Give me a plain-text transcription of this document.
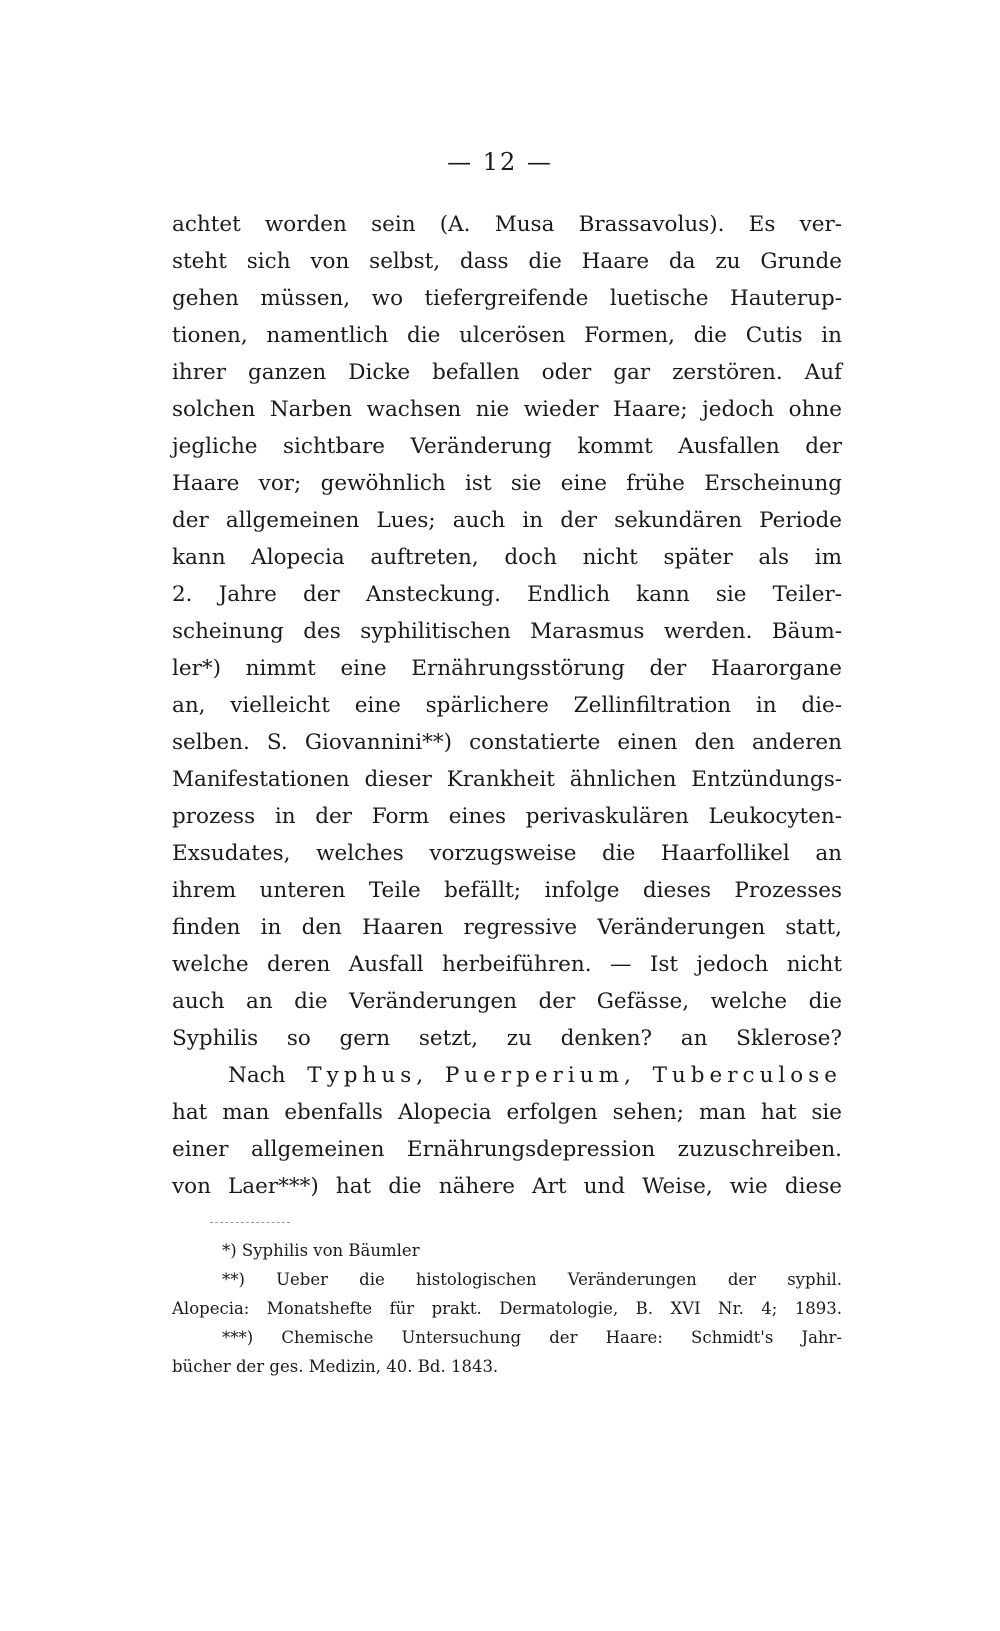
— 12 —
achtet worden sein (A. Musa Brassavolus). Es ver-
steht sich von selbst, dass die Haare da zu Grunde
gehen müssen, wo tiefergreifende luetische Hauterup-
tionen, namentlich die ulcerösen Formen, die Cutis in
ihrer ganzen Dicke befallen oder gar zerstören. Auf
solchen Narben wachsen nie wieder Haare; jedoch ohne
jegliche sichtbare Veränderung kommt Ausfallen der
Haare vor; gewöhnlich ist sie eine frühe Erscheinung
der allgemeinen Lues; auch in der sekundären Periode
kann Alopecia auftreten, doch nicht später als im
2. Jahre der Ansteckung. Endlich kann sie Teiler-
scheinung des syphilitischen Marasmus werden. Bäum-
ler*) nimmt eine Ernährungsstörung der Haarorgane
an, vielleicht eine spärlichere Zellinfiltration in die-
selben. S. Giovannini**) constatierte einen den anderen
Manifestationen dieser Krankheit ähnlichen Entzündungs-
prozess in der Form eines perivaskulären Leukocyten-
Exsudates, welches vorzugsweise die Haarfollikel an
ihrem unteren Teile befällt; infolge dieses Prozesses
finden in den Haaren regressive Veränderungen statt,
welche deren Ausfall herbeiführen. — Ist jedoch nicht
auch an die Veränderungen der Gefässe, welche die
Syphilis so gern setzt, zu denken? an Sklerose?
Nach Typhus, Puerperium, Tuberculose
hat man ebenfalls Alopecia erfolgen sehen; man hat sie
einer allgemeinen Ernährungsdepression zuzuschreiben.
von Laer***) hat die nähere Art und Weise, wie diese
*) Syphilis von Bäumler
**) Ueber die histologischen Veränderungen der syphil.
Alopecia: Monatshefte für prakt. Dermatologie, B. XVI Nr. 4; 1893.
***) Chemische Untersuchung der Haare: Schmidt's Jahr-
bücher der ges. Medizin, 40. Bd. 1843.
